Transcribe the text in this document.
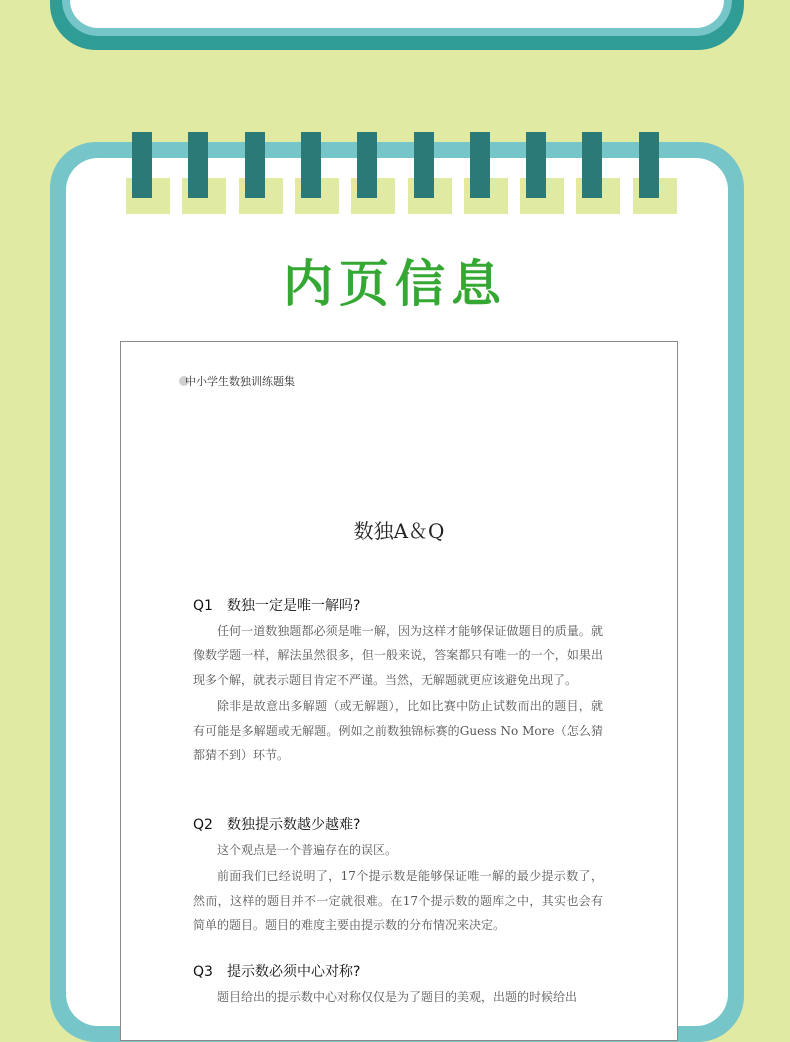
内页信息
中小学生数独训练题集
数独A＆Q
Q1 数独一定是唯一解吗?

任何一道数独题都必须是唯一解，因为这样才能够保证做题目的质量。就像数学题一样，解法虽然很多，但一般来说，答案都只有唯一的一个，如果出现多个解，就表示题目肯定不严谨。当然，无解题就更应该避免出现了。

除非是故意出多解题（或无解题），比如比赛中防止试数而出的题目，就有可能是多解题或无解题。例如之前数独锦标赛的Guess No More（怎么猜都猜不到）环节。

Q2 数独提示数越少越难?

这个观点是一个普遍存在的误区。

前面我们已经说明了，17个提示数是能够保证唯一解的最少提示数了，然而，这样的题目并不一定就很难。在17个提示数的题库之中，其实也会有简单的题目。题目的难度主要由提示数的分布情况来决定。

Q3 提示数必须中心对称?

题目给出的提示数中心对称仅仅是为了题目的美观，出题的时候给出
